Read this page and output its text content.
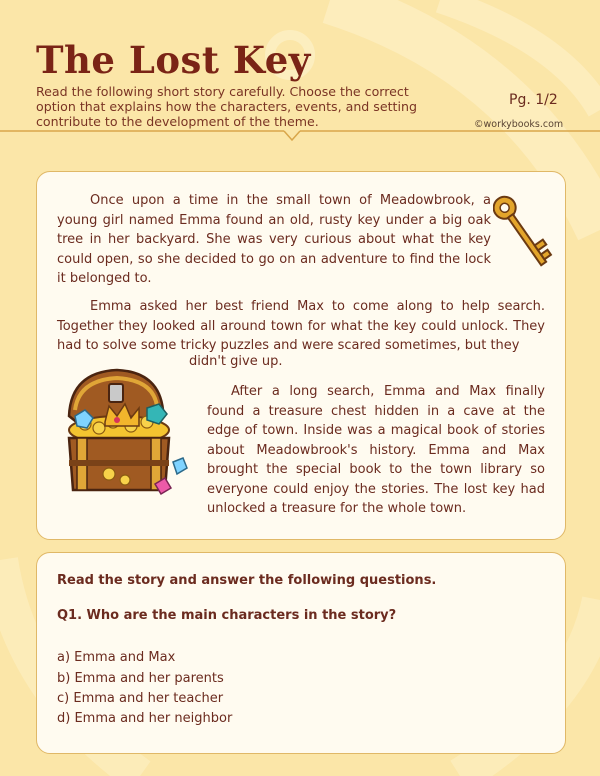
The Lost Key
Read the following short story carefully. Choose the correct option that explains how the characters, events, and setting contribute to the development of the theme.
Pg. 1/2
©workybooks.com
Once upon a time in the small town of Meadowbrook, a young girl named Emma found an old, rusty key under a big oak tree in her backyard. She was very curious about what the key could open, so she decided to go on an adventure to find the lock it belonged to.
Emma asked her best friend Max to come along to help search. Together they looked all around town for what the key could unlock. They had to solve some tricky puzzles and were scared sometimes, but they
didn't give up.
After a long search, Emma and Max finally found a treasure chest hidden in a cave at the edge of town. Inside was a magical book of stories about Meadowbrook's history. Emma and Max brought the special book to the town library so everyone could enjoy the stories. The lost key had unlocked a treasure for the whole town.
Read the story and answer the following questions.
Q1. Who are the main characters in the story?
a) Emma and Max
b) Emma and her parents
c) Emma and her teacher
d) Emma and her neighbor
